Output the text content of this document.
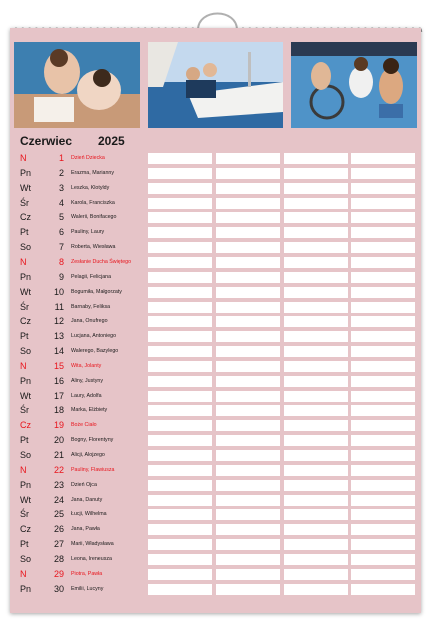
Czerwiec 2025
N	1 Dzień Dziecka
Pn	2 Erazma, Marianny
Wt	3 Leszka, Klotyldy
Śr	4 Karola, Franciszka
Cz	5 Walerii, Bonifacego
Pt	6 Pauliny, Laury
So	7 Roberta, Wiesława
N	8 Zesłanie Ducha Świętego
Pn	9 Pelagii, Felicjana
Wt	10 Bogumiła, Małgorzaty
Śr	11 Barnaby, Feliksa
Cz	12 Jana, Onufrego
Pt	13 Lucjana, Antoniego
So	14 Walerego, Bazylego
N	15 Wita, Jolanty
Pn	16 Aliny, Justyny
Wt	17 Laury, Adolfa
Śr	18 Marka, Elżbiety
Cz	19 Boże Ciało
Pt	20 Bogny, Florentyny
So	21 Alicji, Alojzego
N	22 Pauliny, Flawiusza
Pn	23 Dzień Ojca
Wt	24 Jana, Danuty
Śr	25 Łucji, Wilhelma
Cz	26 Jana, Pawła
Pt	27 Marii, Władysława
So	28 Leona, Ireneusza
N	29 Piotra, Pawła
Pn	30 Emilii, Lucyny
